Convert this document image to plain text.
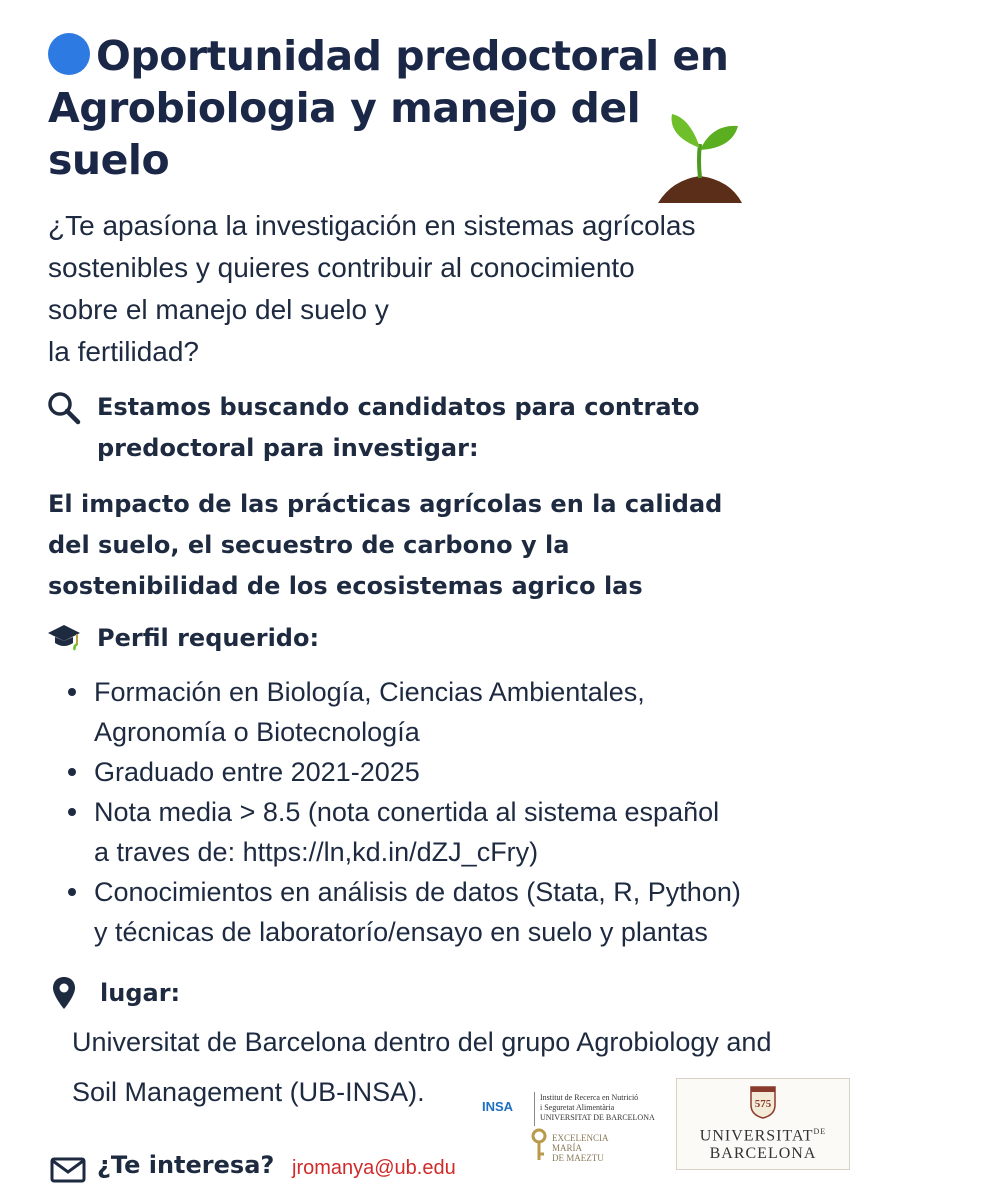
Oportunidad predoctoral en
Agrobiologia y manejo del
suelo
¿Te apasíona la investigación en sistemas agrícolas
sostenibles y quieres contribuir al conocimiento
sobre el manejo del suelo y
la fertilidad?
Estamos buscando candidatos para contrato
predoctoral para investigar:
El impacto de las prácticas agrícolas en la calidad
del suelo, el secuestro de carbono y la
sostenibilidad de los ecosistemas agrico las
Perfil requerido:
Formación en Biología, Ciencias Ambientales,
Agronomía o Biotecnología
Graduado entre 2021-2025
Nota media > 8.5 (nota conertida al sistema español
a traves de: https://ln,kd.in/dZJ_cFry)
Conocimientos en análisis de datos (Stata, R, Python)
y técnicas de laboratorío/ensayo en suelo y plantas
lugar:
Universitat de Barcelona dentro del grupo Agrobiology and
Soil Management (UB-INSA).	INSA
Institut de Recerca en Nutrició
i Seguretat Alimentària
UNIVERSITAT DE BARCELONA
EXCELENCIA
MARÍA
DE MAEZTU
575
$UNIVERSITAT^{DE}$
BARCELONA
¿Te interesa? jromanya@ub.edu
